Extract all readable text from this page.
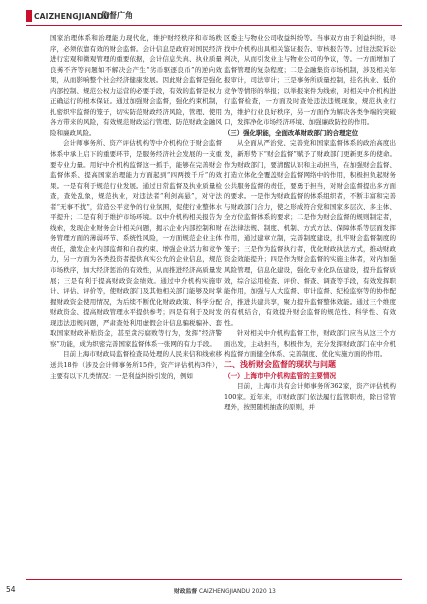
CAIZHENGJIANDU
监督广角

国家治理体系和治理能力现代化，维护财经秩序和市场秩序，必须依靠有效的财会监督。会计信息是政府对国民经济进行宏观和微观管理的重要依据，会计信息失真、执业质量良莠不齐等问题如不解决会产生“劣币驱逐良币”的逆向效果，从而影响整个社会经济健康发展。因此财会监督是强化内部控制、规范公权力运营的必要手段，有效的监督是权力正确运行的根本保证。通过加强财会监督，强化约束机制，扎密织牢监督的笼子，切实防范财政经济风险，管理、使用各方带来的风险，有效规范财政运行管理、防范财政金融风险和廉政风险。

会计师事务所、资产评估机构等中介机构位于财会监督体系中承上启下的重要环节，是服务经济社会发展的一支重要专业力量。用好中介机构监督这一抓手，能够在完善财会监督体系、提高国家治理能力方面起到“四两拨千斤”的效果。一是有利于规范行业发展。通过日常监督及执业质量检查，查处乱象，规范执业，对违法者“利剑高悬”，对守法者“无事不扰”，营造公平竞争的行业氛围，促使行业整体水平提升；二是有利于维护市场环境。以中介机构相关报告为线索，发现企业财务会计相关问题，揭示企业内部控制和财务管理方面的薄弱环节、系统性风险，一方面规范企业主体责任，激发企业内部监督和自我约束、增强企业活力和竞争力，另一方面为各类投资者提供真实公允的企业信息，规范市场秩序，加大经济惩治的有效性，从而推进经济高质量发展；三是有利于提高财政资金绩效。通过中介机构实施审计、评估、评价等，使财政部门及其他相关部门能够及时掌握财政资金使用情况，为后续不断优化财政政策、科学分配财政资金、提高财政管理水平提供参考；四是有利于及时发现违法违规问题，严肃查处利用虚假会计信息骗税骗补、套取国家财政补贴资金，甚至贪污腐败等行为，发挥“经济警察”功能，成为织密完善国家监督体系一张网的有力手段。

目前上海市财政局监督检查局处理的人民来信和线索移送共18件（涉及会计师事务所15件，资产评估机构3件），主要有以下几类情况：一是利益纠纷引发的，例如

区委主与物业公司收益纠纷等。当事双方由于利益纠纷，寻找中介机构出具相关鉴证报告、审核报告等。过往法院诉讼判决，从而引发业主与物业公司的争议，等。一方面增加了监督管理的复杂程度；二是金融集资市场机制，涉及相关年报审计，司法审计；三是事务所质量控制，挂名执业、低价竞争等情形的举报；以举报案件为线索，对相关中介机构进行监督检查，一方面及时查处违法违规现象，规范执业行为，维护行业良好秩序，另一方面作为解决各类争端的突破口，发挥净化市场经济环境、加强廉政防控的作用。

（三）强化职能，全面改革财政部门的合理定位

从全面从严治党、完善党和国家监督体系的政治高度出发，新形势下“财会监督”赋予了财政部门更新更多的使命。作为财政部门，要清醒认识和主动担当，在加强财会监督、打造立体化全覆盖财会监督网络中的作用，积极担负起财务公共服务监督的责任，要勇于担当，对财会监督提出多方面的要求。一是作为财政监督的体系组织者，不断丰富和完善与财政部门合力，使之形成符合党和国家多层次、多主体、全方位监督体系的要求；二是作为财会监督的规则制定者，在法律法规、制度、机制、方式方法、保障体系等层面发挥作用，通过建章立制，完善制度建设，扎牢财会监督制度的笼子；三是作为监督执行者，优化财政执法方式，推动财政资金效能提升；四是作为财会监督的实施主体者，对内加强风险管理，信息化建设，强化专业化队伍建设，提升监督质效，综合运用检查、评价、督查、调查等手段，有效发挥职能作用，加强与人大监督、审计监督、纪检监察等的协作配合，推进共建共享，聚力提升监督整体效能。通过三个维度的有机结合，有效提升财会监督的规范性、科学性、有效性。

针对相关中介机构监督工作，财政部门应当从这三个方面出发，主动担当，积极作为，充分发挥财政部门在中介机构监督方面健全体系、完善制度、优化实施方面的作用。

二、浅析财会监督的现状与问题

（一）上海市中介机构监管的主要情况

目前，上海市共有会计师事务所362家，资产评估机构100家。近年来，市财政部门依法履行监管职责，除日常管理外，按照随机抽查的原则，并

54	财政监督 CAIZHENGJIANDU 2020 13
